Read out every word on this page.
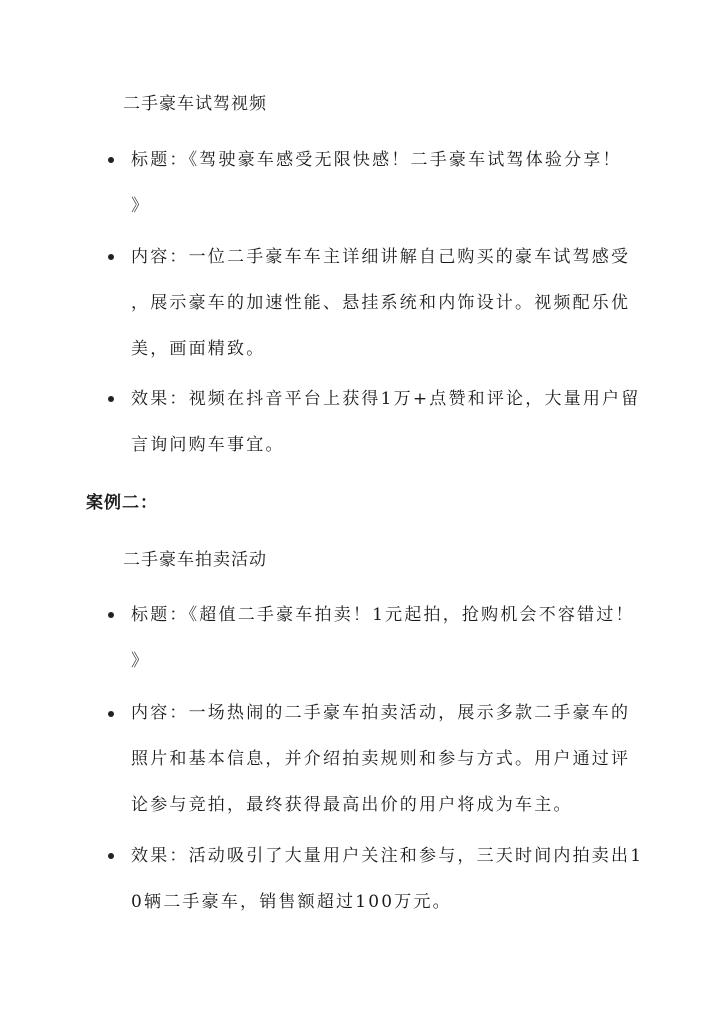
二手豪车试驾视频
标题：《驾驶豪车感受无限快感！二手豪车试驾体验分享！
》
内容：一位二手豪车车主详细讲解自己购买的豪车试驾感受
，展示豪车的加速性能、悬挂系统和内饰设计。视频配乐优
美，画面精致。
效果：视频在抖音平台上获得1万+点赞和评论，大量用户留
言询问购车事宜。
案例二：
二手豪车拍卖活动
标题：《超值二手豪车拍卖！1元起拍，抢购机会不容错过！
》
内容：一场热闹的二手豪车拍卖活动，展示多款二手豪车的
照片和基本信息，并介绍拍卖规则和参与方式。用户通过评
论参与竞拍，最终获得最高出价的用户将成为车主。
效果：活动吸引了大量用户关注和参与，三天时间内拍卖出1
0辆二手豪车，销售额超过100万元。
